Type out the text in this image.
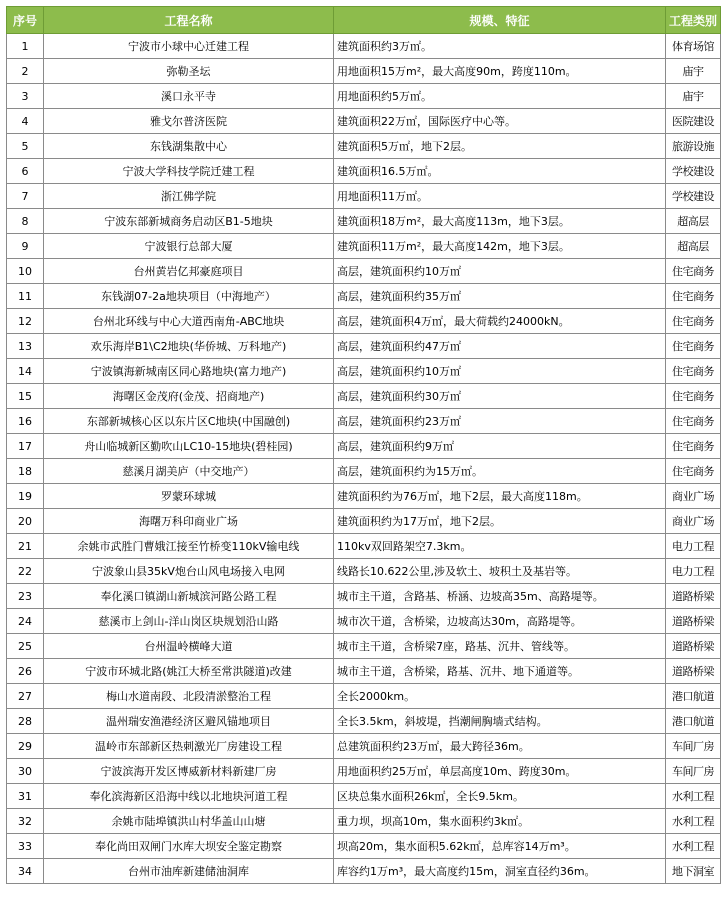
序号	工程名称	规模、特征	工程类别
1	宁波市小球中心迁建工程	建筑面积约3万㎡。	体育场馆
2	弥勒圣坛	用地面积15万m²，最大高度90m，跨度110m。	庙宇
3	溪口永平寺	用地面积约5万㎡。	庙宇
4	雅戈尔普济医院	建筑面积22万㎡，国际医疗中心等。	医院建设
5	东钱湖集散中心	建筑面积5万㎡，地下2层。	旅游设施
6	宁波大学科技学院迁建工程	建筑面积16.5万㎡。	学校建设
7	浙江佛学院	用地面积11万㎡。	学校建设
8	宁波东部新城商务启动区B1-5地块	建筑面积18万m²，最大高度113m，地下3层。	超高层
9	宁波银行总部大厦	建筑面积11万m²，最大高度142m，地下3层。	超高层
10	台州黄岩亿邦豪庭项目	高层，建筑面积约10万㎡	住宅商务
11	东钱湖07-2a地块项目（中海地产）	高层，建筑面积约35万㎡	住宅商务
12	台州北环线与中心大道西南角-ABC地块	高层，建筑面积4万㎡，最大荷载约24000kN。	住宅商务
13	欢乐海岸B1\C2地块(华侨城、万科地产)	高层，建筑面积约47万㎡	住宅商务
14	宁波镇海新城南区同心路地块(富力地产)	高层，建筑面积约10万㎡	住宅商务
15	海曙区金茂府(金茂、招商地产)	高层，建筑面积约30万㎡	住宅商务
16	东部新城核心区以东片区C地块(中国融创)	高层，建筑面积约23万㎡	住宅商务
17	舟山临城新区勤吹山LC10-15地块(碧桂园)	高层，建筑面积约9万㎡	住宅商务
18	慈溪月湖美庐（中交地产）	高层，建筑面积约为15万㎡。	住宅商务
19	罗蒙环球城	建筑面积约为76万㎡，地下2层，最大高度118m。	商业广场
20	海曙万科印商业广场	建筑面积约为17万㎡，地下2层。	商业广场
21	余姚市武胜门曹娥江接至竹桥变110kV输电线	110kv双回路架空7.3km。	电力工程
22	宁波象山县35kV炮台山风电场接入电网	线路长10.622公里,涉及软土、坡积土及基岩等。	电力工程
23	奉化溪口镇湖山新城滨河路公路工程	城市主干道，含路基、桥涵、边坡高35m、高路堤等。	道路桥梁
24	慈溪市上剑山-洋山岗区块规划沿山路	城市次干道，含桥梁，边坡高达30m，高路堤等。	道路桥梁
25	台州温岭横峰大道	城市主干道，含桥梁7座，路基、沉井、管线等。	道路桥梁
26	宁波市环城北路(姚江大桥至常洪隧道)改建	城市主干道，含桥梁，路基、沉井、地下通道等。	道路桥梁
27	梅山水道南段、北段清淤整治工程	全长2000km。	港口航道
28	温州瑞安渔港经济区避风锚地项目	全长3.5km，斜坡堤，挡潮闸胸墙式结构。	港口航道
29	温岭市东部新区热刺激光厂房建设工程	总建筑面积约23万㎡，最大跨径36m。	车间厂房
30	宁波滨海开发区博威新材料新建厂房	用地面积约25万㎡，单层高度10m、跨度30m。	车间厂房
31	奉化滨海新区沿海中线以北地块河道工程	区块总集水面积26k㎡，全长9.5km。	水利工程
32	余姚市陆埠镇洪山村华盖山山塘	重力坝，坝高10m，集水面积约3k㎡。	水利工程
33	奉化尚田双闸门水库大坝安全鉴定勘察	坝高20m，集水面积5.62k㎡，总库容14万m³。	水利工程
34	台州市油库新建储油洞库	库容约1万m³，最大高度约15m，洞室直径约36m。	地下洞室
